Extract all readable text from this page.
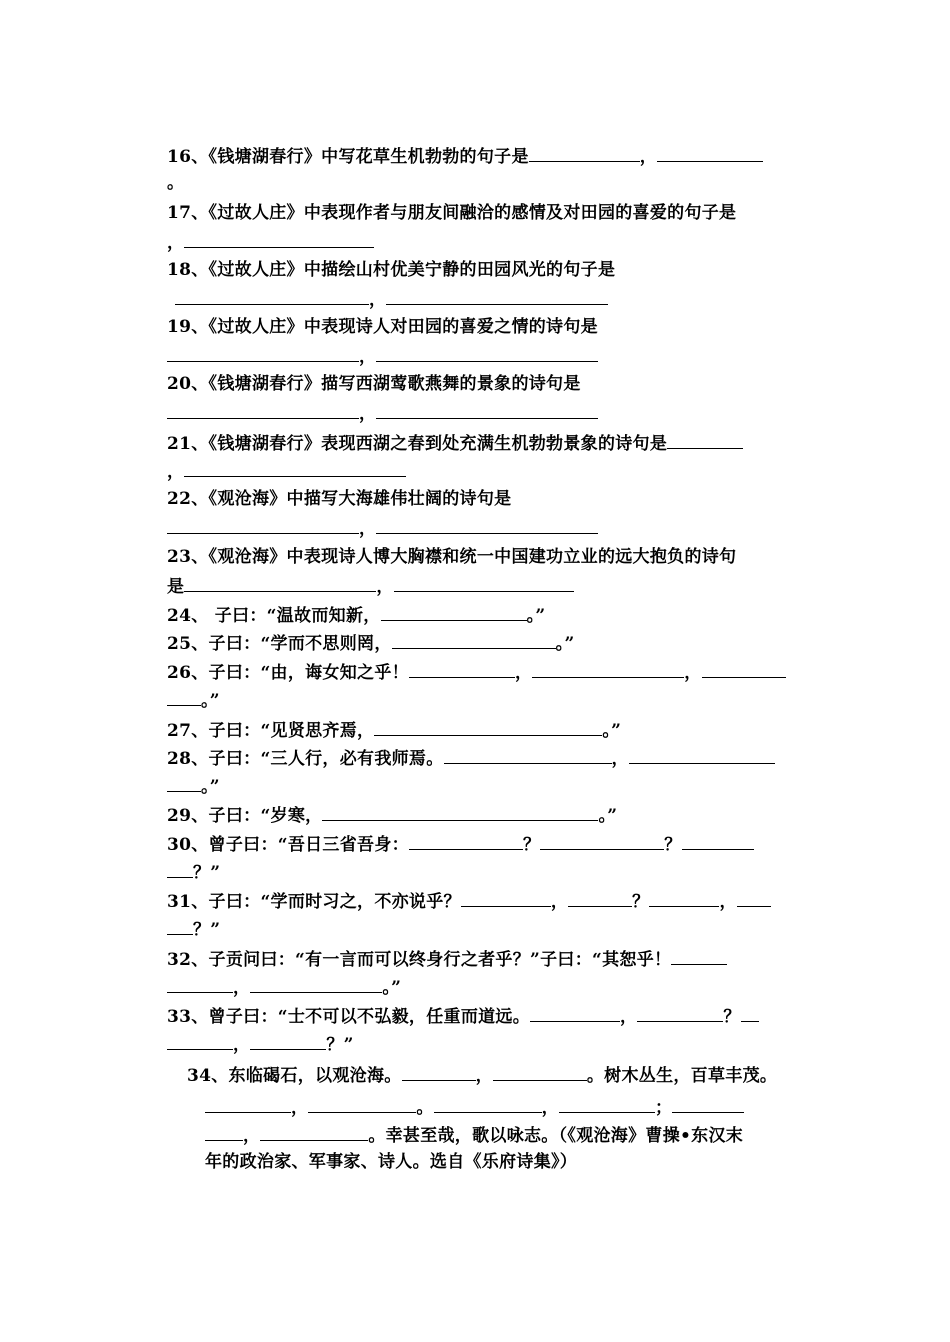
16、《钱塘湖春行》中写花草生机勃勃的句子是	，
。
17、《过故人庄》中表现作者与朋友间融洽的感情及对田园的喜爱的句子是
，
18、《过故人庄》中描绘山村优美宁静的田园风光的句子是
，
19、《过故人庄》中表现诗人对田园的喜爱之情的诗句是
，
20、《钱塘湖春行》描写西湖莺歌燕舞的景象的诗句是
，
21、《钱塘湖春行》表现西湖之春到处充满生机勃勃景象的诗句是
，
22、《观沧海》中描写大海雄伟壮阔的诗句是
，
23、《观沧海》中表现诗人博大胸襟和统一中国建功立业的远大抱负的诗句
是	，
24、 子曰：“温故而知新，	。”
25、子曰：“学而不思则罔，	。”
26、子曰：“由，诲女知之乎！	，	，
。”
27、子曰：“见贤思齐焉，	。”
28、子曰：“三人行，必有我师焉。	，
。”
29、子曰：“岁寒，	。”
30、曾子曰：“吾日三省吾身：	？	？
？”
31、子曰：“学而时习之，不亦说乎？	，	？	，
？”
32、子贡问曰：“有一言而可以终身行之者乎？”子曰：“其恕乎！
，	。”
33、曾子曰：“士不可以不弘毅，任重而道远。	，	？
，	？”
34、东临碣石，以观沧海。	，	。树木丛生，百草丰茂。
，	。	，	；
，	。幸甚至哉，歌以咏志。（《观沧海》曹操•东汉末
年的政治家、军事家、诗人。选自《乐府诗集》）
